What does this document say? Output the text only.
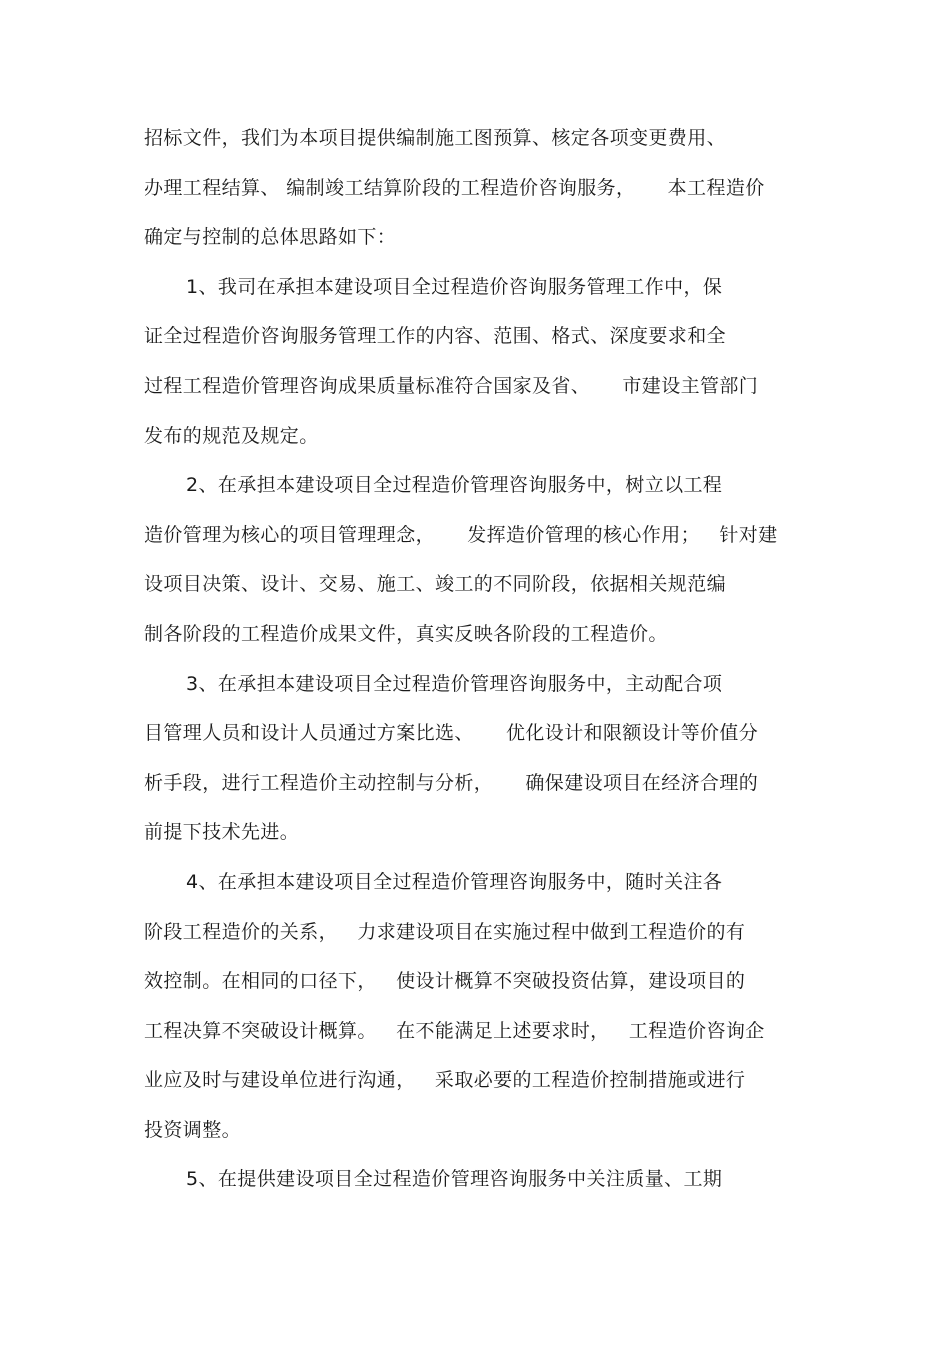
招标文件，我们为本项目提供编制施工图预算、核定各项变更费用、
办理工程结算、 编制竣工结算阶段的工程造价咨询服务，     本工程造价
确定与控制的总体思路如下：
1、我司在承担本建设项目全过程造价咨询服务管理工作中，保
证全过程造价咨询服务管理工作的内容、范围、格式、深度要求和全
过程工程造价管理咨询成果质量标准符合国家及省、     市建设主管部门
发布的规范及规定。
2、在承担本建设项目全过程造价管理咨询服务中，树立以工程
造价管理为核心的项目管理理念，     发挥造价管理的核心作用；   针对建
设项目决策、设计、交易、施工、竣工的不同阶段，依据相关规范编
制各阶段的工程造价成果文件，真实反映各阶段的工程造价。
3、在承担本建设项目全过程造价管理咨询服务中，主动配合项
目管理人员和设计人员通过方案比选、     优化设计和限额设计等价值分
析手段，进行工程造价主动控制与分析，     确保建设项目在经济合理的
前提下技术先进。
4、在承担本建设项目全过程造价管理咨询服务中，随时关注各
阶段工程造价的关系，   力求建设项目在实施过程中做到工程造价的有
效控制。在相同的口径下，   使设计概算不突破投资估算，建设项目的
工程决算不突破设计概算。   在不能满足上述要求时，   工程造价咨询企
业应及时与建设单位进行沟通，   采取必要的工程造价控制措施或进行
投资调整。
5、在提供建设项目全过程造价管理咨询服务中关注质量、工期
